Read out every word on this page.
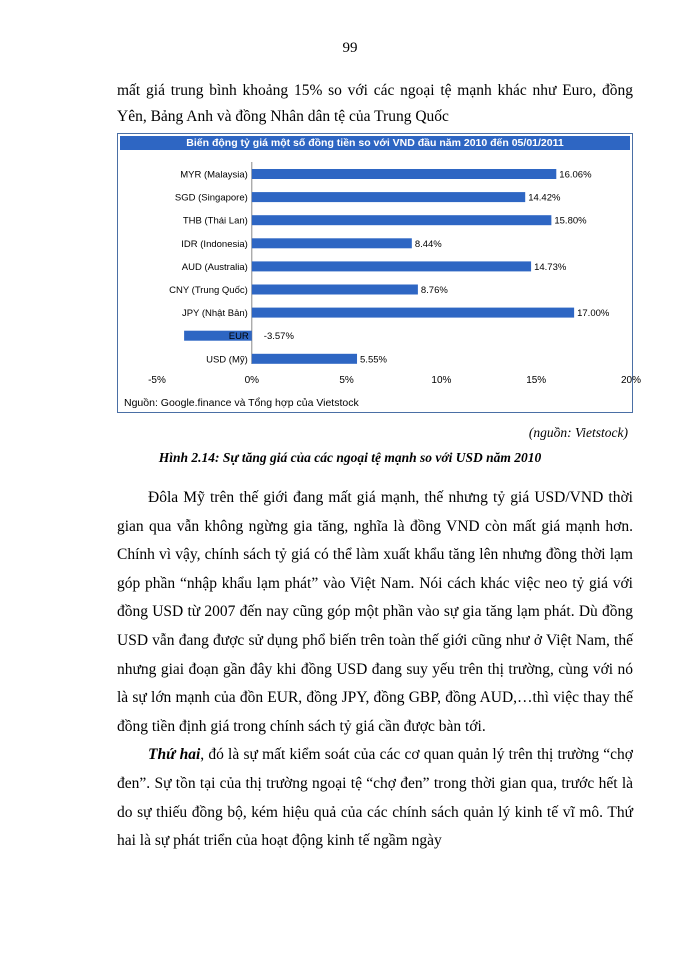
99
mất giá trung bình khoảng 15% so với các ngoại tệ mạnh khác như Euro, đồng Yên, Bảng Anh và đồng Nhân dân tệ của Trung Quốc
Biến động tỷ giá một số đồng tiền so với VND đầu năm 2010 đến 05/01/2011
MYR (Malaysia)	16.06%
SGD (Singapore)	14.42%
THB (Thái Lan)	15.80%
IDR (Indonesia)	8.44%
AUD (Australia)	14.73%
CNY (Trung Quốc)	8.76%
JPY (Nhật Bản)	17.00%
EUR -3.57%
USD (Mỹ)	5.55%
-5%	0%	5%	10%	15%	20%
Nguồn: Google.finance và Tổng hợp của Vietstock
(nguồn: Vietstock)
Hình 2.14: Sự tăng giá của các ngoại tệ mạnh so với USD năm 2010

Đôla Mỹ trên thế giới đang mất giá mạnh, thế nhưng tỷ giá USD/VND thời gian qua vẫn không ngừng gia tăng, nghĩa là đồng VND còn mất giá mạnh hơn. Chính vì vậy, chính sách tỷ giá có thể làm xuất khẩu tăng lên nhưng đồng thời lạm góp phần “nhập khẩu lạm phát” vào Việt Nam. Nói cách khác việc neo tỷ giá với đồng USD từ 2007 đến nay cũng góp một phần vào sự gia tăng lạm phát. Dù đồng USD vẫn đang được sử dụng phổ biến trên toàn thế giới cũng như ở Việt Nam, thế nhưng giai đoạn gần đây khi đồng USD đang suy yếu trên thị trường, cùng với nó là sự lớn mạnh của đồn EUR, đồng JPY, đồng GBP, đồng AUD,…thì việc thay thế đồng tiền định giá trong chính sách tỷ giá cần được bàn tới.

Thứ hai, đó là sự mất kiểm soát của các cơ quan quản lý trên thị trường “chợ đen”. Sự tồn tại của thị trường ngoại tệ “chợ đen” trong thời gian qua, trước hết là do sự thiếu đồng bộ, kém hiệu quả của các chính sách quản lý kinh tế vĩ mô. Thứ hai là sự phát triển của hoạt động kinh tế ngầm ngày
